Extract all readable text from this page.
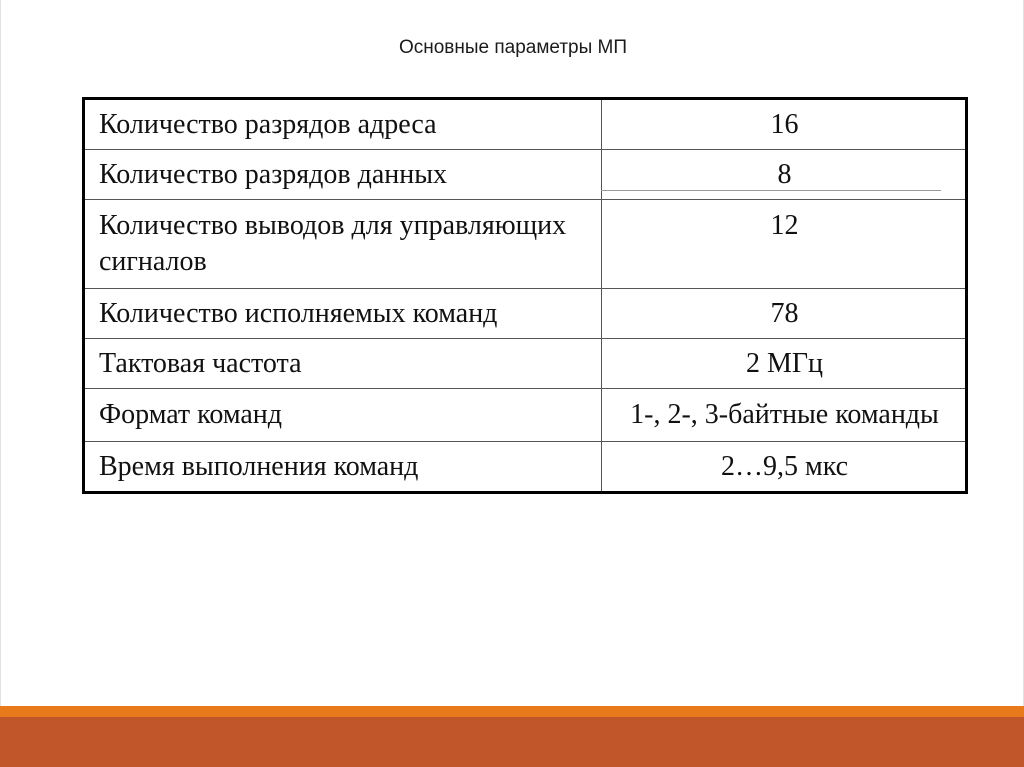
Основные параметры МП
Количество разрядов адреса	16
Количество разрядов данных	8
Количество выводов для управляющих сигналов	12
Количество исполняемых команд	78
Тактовая частота	2 МГц
Формат команд	1-, 2-, 3-байтные команды
Время выполнения команд	2…9,5 мкс
